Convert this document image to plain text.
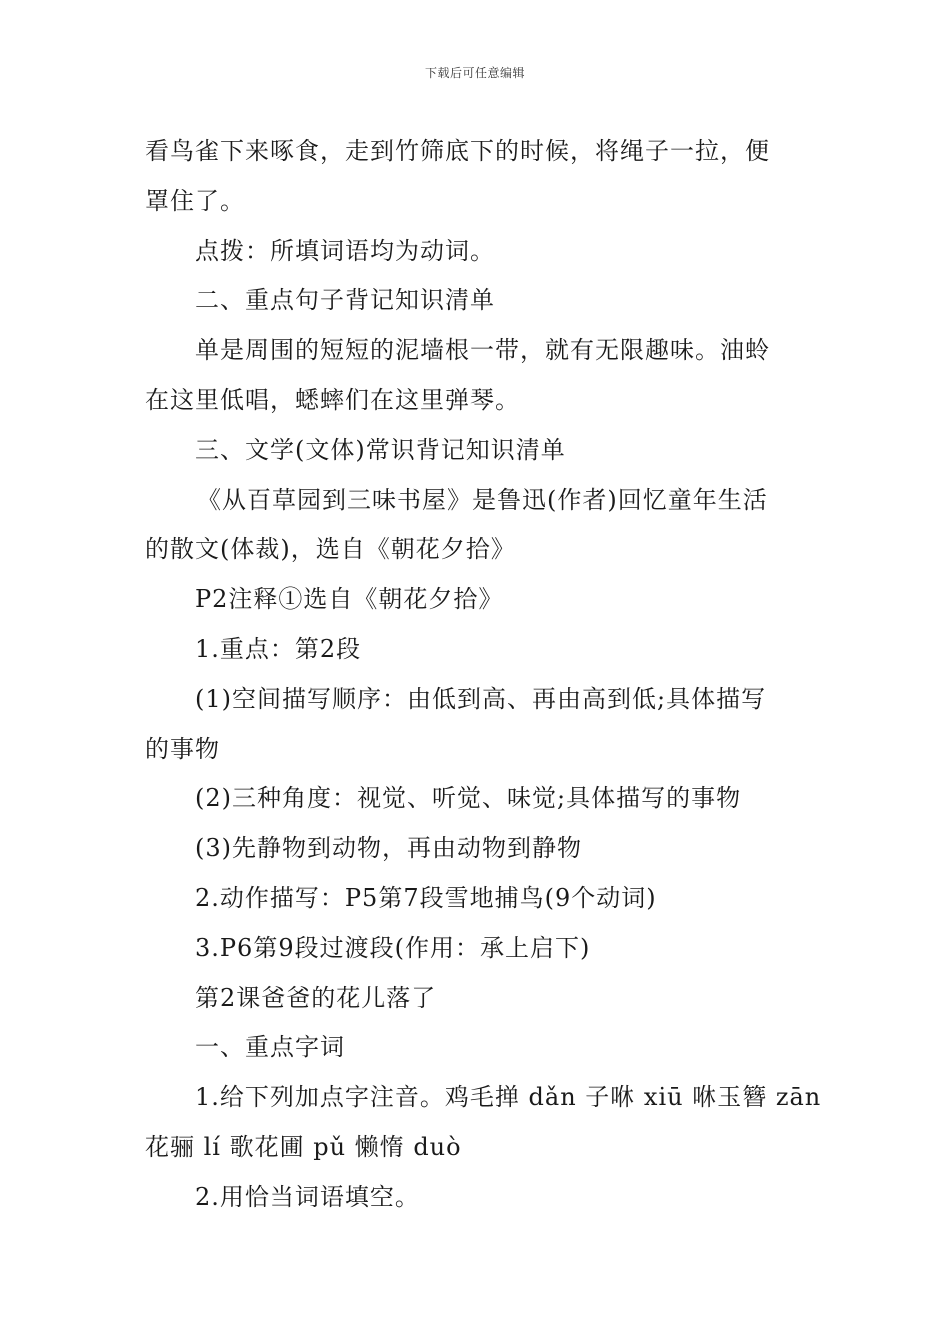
下载后可任意编辑
看鸟雀下来啄食，走到竹筛底下的时候，将绳子一拉，便
罩住了。
点拨：所填词语均为动词。
二、重点句子背记知识清单
单是周围的短短的泥墙根一带，就有无限趣味。油蛉
在这里低唱，蟋蟀们在这里弹琴。
三、文学(文体)常识背记知识清单
《从百草园到三味书屋》是鲁迅(作者)回忆童年生活
的散文(体裁)，选自《朝花夕拾》
P2注释①选自《朝花夕拾》
1.重点：第2段
(1)空间描写顺序：由低到高、再由高到低;具体描写
的事物
(2)三种角度：视觉、听觉、味觉;具体描写的事物
(3)先静物到动物，再由动物到静物
2.动作描写：P5第7段雪地捕鸟(9个动词)
3.P6第9段过渡段(作用：承上启下)
第2课爸爸的花儿落了
一、重点字词
1.给下列加点字注音。鸡毛掸 dǎn 子咻 xiū 咻玉簪 zān
花骊 lí 歌花圃 pǔ 懒惰 duò
2.用恰当词语填空。
